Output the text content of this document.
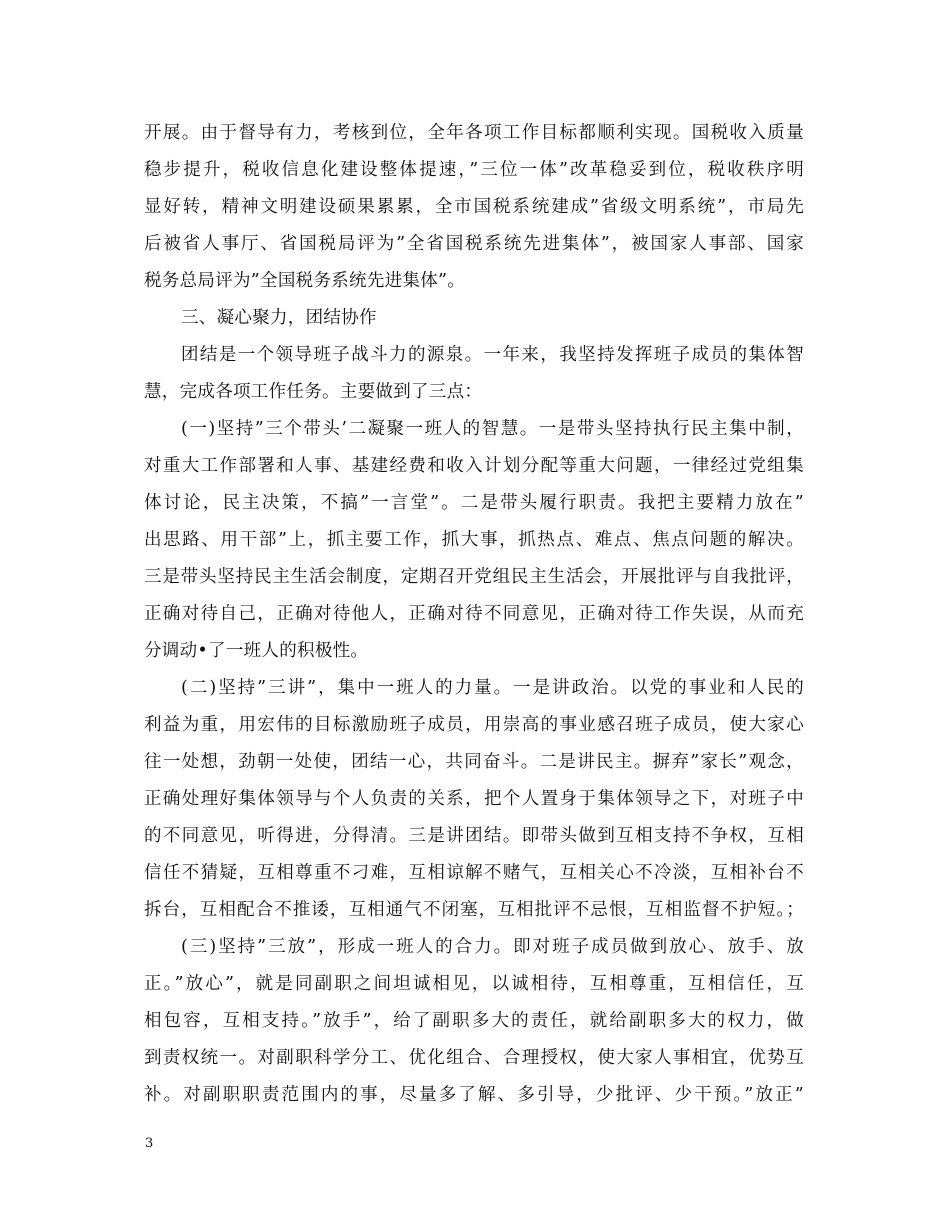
开展。由于督导有力，考核到位，全年各项工作目标都顺利实现。国税收入质量
稳步提升，税收信息化建设整体提速，”三位一体”改革稳妥到位，税收秩序明
显好转，精神文明建设硕果累累，全市国税系统建成”省级文明系统”，市局先
后被省人事厅、省国税局评为”全省国税系统先进集体”，被国家人事部、国家
税务总局评为”全国税务系统先进集体”。
三、凝心聚力，团结协作
团结是一个领导班子战斗力的源泉。一年来，我坚持发挥班子成员的集体智
慧，完成各项工作任务。主要做到了三点：
(一)坚持”三个带头’二凝聚一班人的智慧。一是带头坚持执行民主集中制，
对重大工作部署和人事、基建经费和收入计划分配等重大问题，一律经过党组集
体讨论，民主决策，不搞”一言堂”。二是带头履行职责。我把主要精力放在”
出思路、用干部”上，抓主要工作，抓大事，抓热点、难点、焦点问题的解决。
三是带头坚持民主生活会制度，定期召开党组民主生活会，开展批评与自我批评，
正确对待自己，正确对待他人，正确对待不同意见，正确对待工作失误，从而充
分调动•了一班人的积极性。
(二)坚持”三讲”，集中一班人的力量。一是讲政治。以党的事业和人民的
利益为重，用宏伟的目标激励班子成员，用崇高的事业感召班子成员，使大家心
往一处想，劲朝一处使，团结一心，共同奋斗。二是讲民主。摒弃”家长”观念，
正确处理好集体领导与个人负责的关系，把个人置身于集体领导之下，对班子中
的不同意见，听得进，分得清。三是讲团结。即带头做到互相支持不争权，互相
信任不猜疑，互相尊重不刁难，互相谅解不赌气，互相关心不冷淡，互相补台不
拆台，互相配合不推诿，互相通气不闭塞，互相批评不忌恨，互相监督不护短。；
(三)坚持”三放”，形成一班人的合力。即对班子成员做到放心、放手、放
正。”放心”，就是同副职之间坦诚相见，以诚相待，互相尊重，互相信任，互
相包容，互相支持。”放手”，给了副职多大的责任，就给副职多大的权力，做
到责权统一。对副职科学分工、优化组合、合理授权，使大家人事相宜，优势互
补。对副职职责范围内的事，尽量多了解、多引导，少批评、少干预。”放正”
3
